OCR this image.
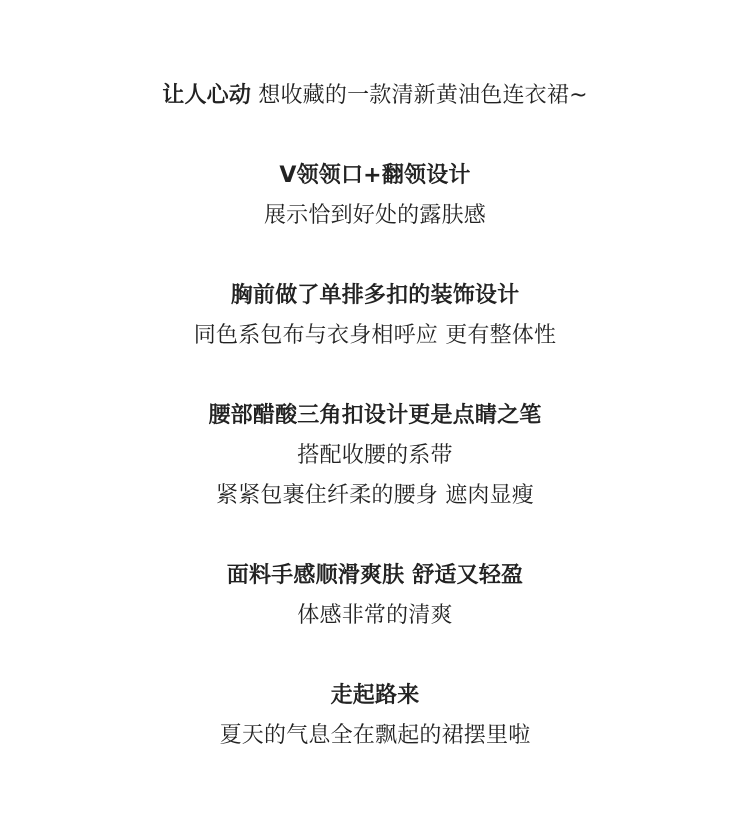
让人心动 想收藏的一款清新黄油色连衣裙~
V领领口+翻领设计
展示恰到好处的露肤感
胸前做了单排多扣的装饰设计
同色系包布与衣身相呼应 更有整体性
腰部醋酸三角扣设计更是点睛之笔
搭配收腰的系带
紧紧包裹住纤柔的腰身 遮肉显瘦
面料手感顺滑爽肤 舒适又轻盈
体感非常的清爽
走起路来
夏天的气息全在飘起的裙摆里啦
